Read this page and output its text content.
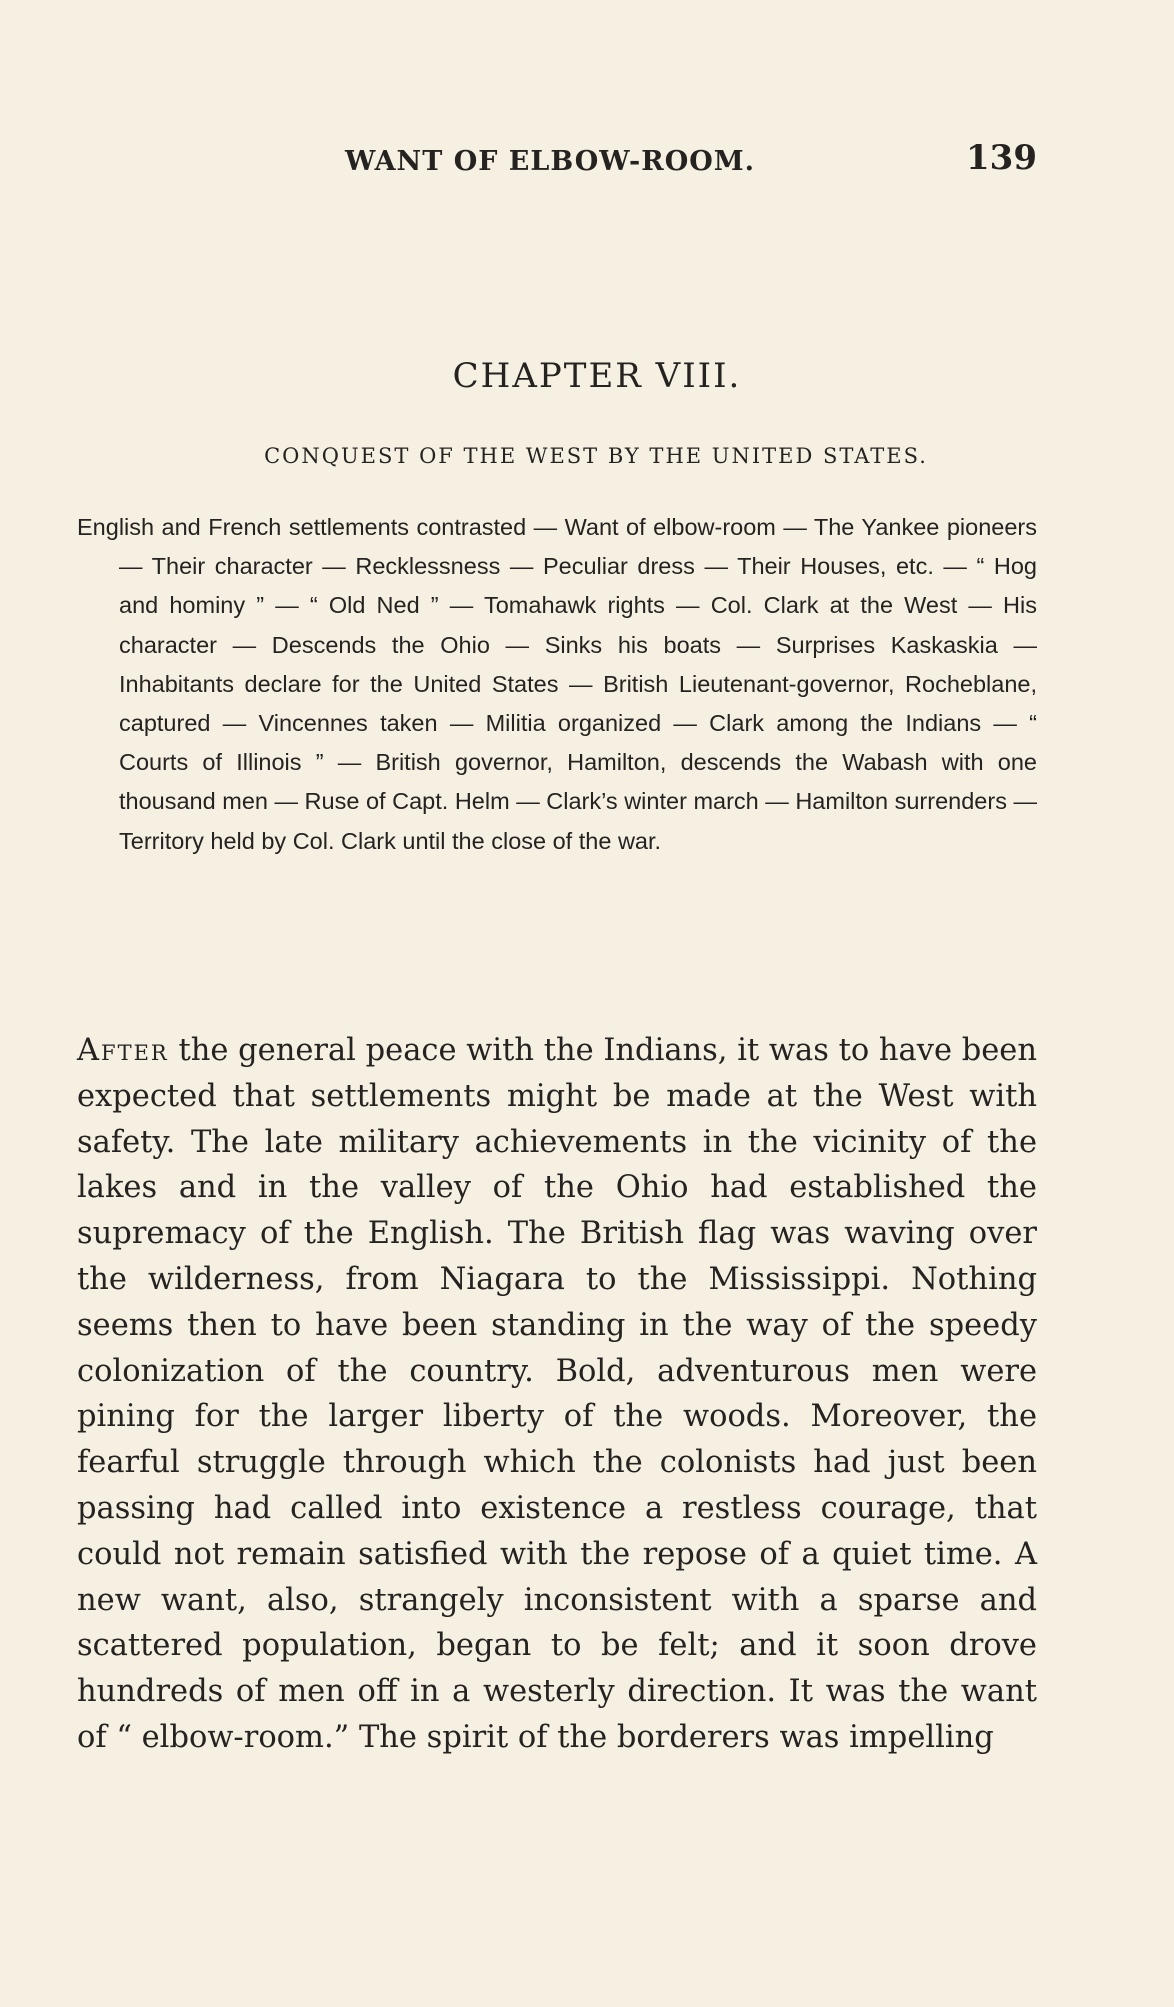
WANT OF ELBOW-ROOM.	139
CHAPTER VIII.
CONQUEST OF THE WEST BY THE UNITED STATES.
English and French settlements contrasted — Want of elbow-room — The Yankee pioneers — Their character — Recklessness — Peculiar dress — Their Houses, etc. — “ Hog and hominy ” — “ Old Ned ” — Tomahawk rights — Col. Clark at the West — His character — Descends the Ohio — Sinks his boats — Surprises Kaskaskia — Inhabitants declare for the United States — British Lieutenant-governor, Rocheblane, captured — Vincennes taken — Militia organized — Clark among the Indians — “ Courts of Illinois ” — British governor, Hamilton, descends the Wabash with one thousand men — Ruse of Capt. Helm — Clark’s winter march — Hamilton surrenders — Territory held by Col. Clark until the close of the war.
After the general peace with the Indians, it was to have been expected that settlements might be made at the West with safety. The late military achievements in the vicinity of the lakes and in the valley of the Ohio had established the supremacy of the English. The British flag was waving over the wilderness, from Niagara to the Mississippi. Nothing seems then to have been standing in the way of the speedy colonization of the country. Bold, adventurous men were pining for the larger liberty of the woods. Moreover, the fearful struggle through which the colonists had just been passing had called into existence a restless courage, that could not remain satisfied with the repose of a quiet time. A new want, also, strangely inconsistent with a sparse and scattered population, began to be felt; and it soon drove hundreds of men off in a westerly direction. It was the want of “ elbow-room.” The spirit of the borderers was impelling
